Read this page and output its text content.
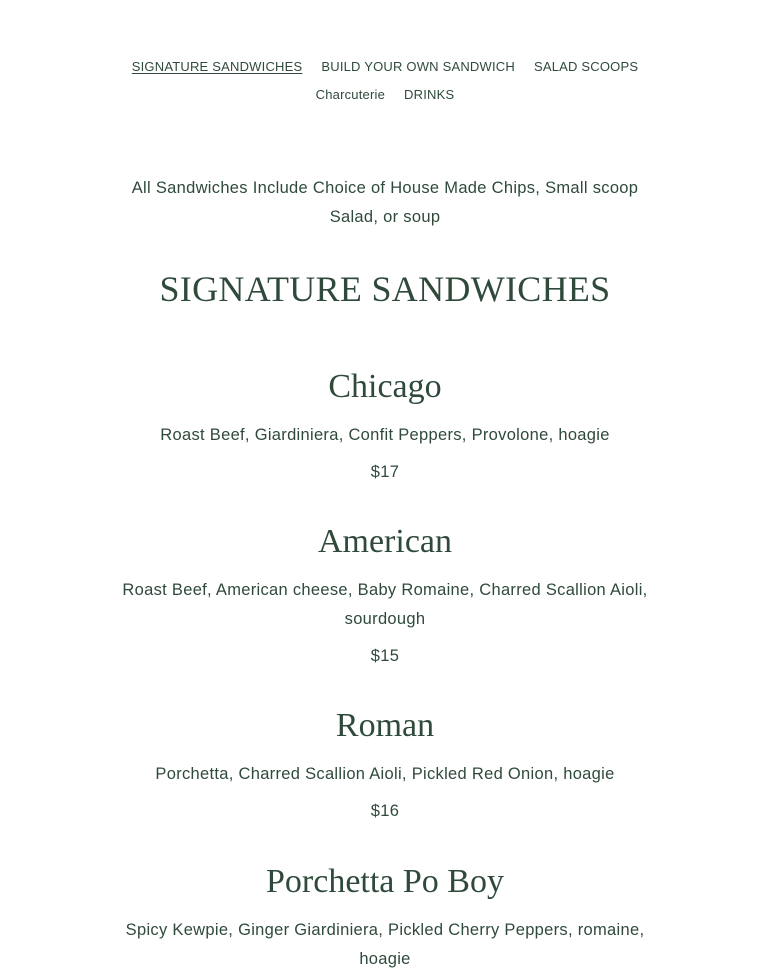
SIGNATURE SANDWICHES BUILD YOUR OWN SANDWICH SALAD SCOOPS
Charcuterie DRINKS

All Sandwiches Include Choice of House Made Chips, Small scoop Salad, or soup

SIGNATURE SANDWICHES
Chicago

Roast Beef, Giardiniera, Confit Peppers, Provolone, hoagie

$17

American

Roast Beef, American cheese, Baby Romaine, Charred Scallion Aioli, sourdough

$15

Roman

Porchetta, Charred Scallion Aioli, Pickled Red Onion, hoagie

$16

Porchetta Po Boy

Spicy Kewpie, Ginger Giardiniera, Pickled Cherry Peppers, romaine, hoagie
